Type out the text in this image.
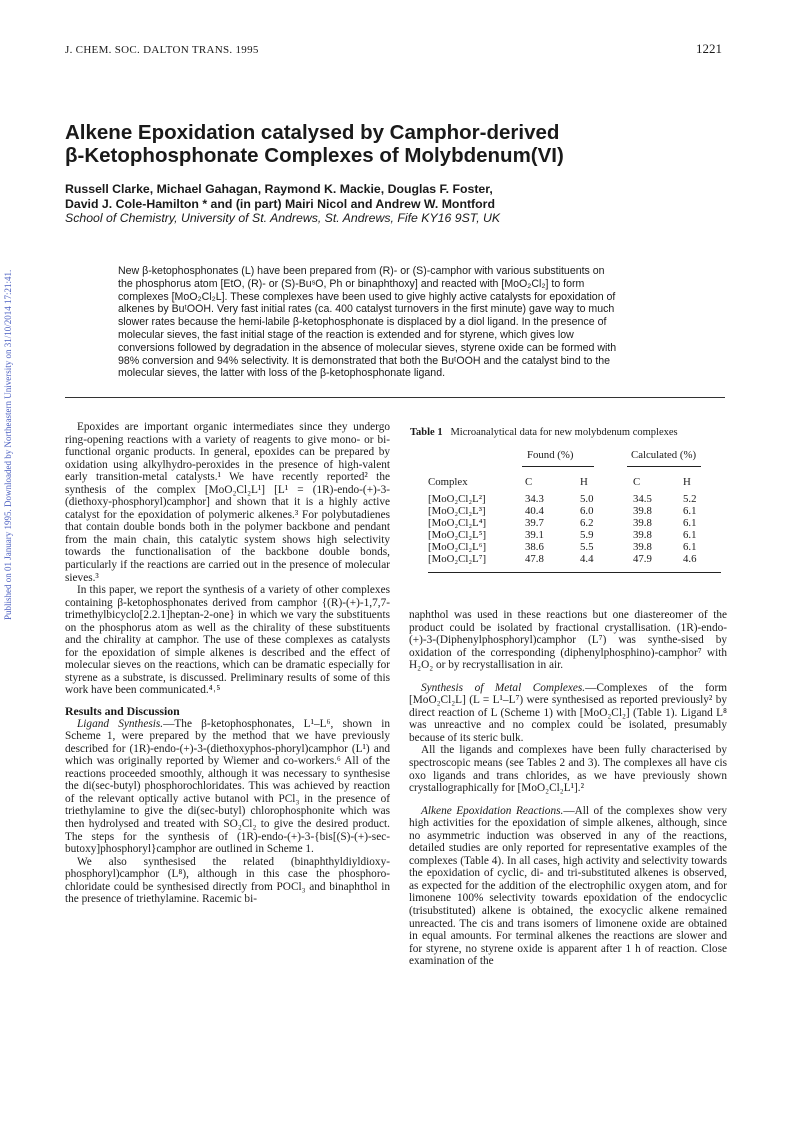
J. CHEM. SOC. DALTON TRANS. 1995	1221
Published on 01 January 1995. Downloaded by Northeastern University on 31/10/2014 17:21:41.
Alkene Epoxidation catalysed by Camphor-derived
β-Ketophosphonate Complexes of Molybdenum(VI)
Russell Clarke, Michael Gahagan, Raymond K. Mackie, Douglas F. Foster,
David J. Cole-Hamilton * and (in part) Mairi Nicol and Andrew W. Montford
School of Chemistry, University of St. Andrews, St. Andrews, Fife KY16 9ST, UK
New β-ketophosphonates (L) have been prepared from (R)- or (S)-camphor with various substituents on
the phosphorus atom [EtO, (R)- or (S)-BuˢO, Ph or binaphthoxy] and reacted with [MoO₂Cl₂] to form
complexes [MoO₂Cl₂L]. These complexes have been used to give highly active catalysts for epoxidation of
alkenes by BuᵗOOH. Very fast initial rates (ca. 400 catalyst turnovers in the first minute) gave way to much
slower rates because the hemi-labile β-ketophosphonate is displaced by a diol ligand. In the presence of
molecular sieves, the fast initial stage of the reaction is extended and for styrene, which gives low
conversions followed by degradation in the absence of molecular sieves, styrene oxide can be formed with
98% conversion and 94% selectivity. It is demonstrated that both the BuᵗOOH and the catalyst bind to the
molecular sieves, the latter with loss of the β-ketophosphonate ligand.

Epoxides are important organic intermediates since they undergo ring-opening reactions with a variety of reagents to give mono- or bi-functional organic products. In general, epoxides can be prepared by oxidation using alkylhydro-peroxides in the presence of high-valent early transition-metal catalysts.¹ We have recently reported² the synthesis of the complex [MoO₂Cl₂L¹] [L¹ = (1R)-endo-(+)-3-(diethoxy-phosphoryl)camphor] and shown that it is a highly active catalyst for the epoxidation of polymeric alkenes.³ For polybutadienes that contain double bonds both in the polymer backbone and pendant from the main chain, this catalytic system shows high selectivity towards the functionalisation of the backbone double bonds, particularly if the reactions are carried out in the presence of molecular sieves.³

In this paper, we report the synthesis of a variety of other complexes containing β-ketophosphonates derived from camphor {(R)-(+)-1,7,7-trimethylbicyclo[2.2.1]heptan-2-one} in which we vary the substituents on the phosphorus atom as well as the chirality of these substituents and the chirality at camphor. The use of these complexes as catalysts for the epoxidation of simple alkenes is described and the effect of molecular sieves on the reactions, which can be dramatic especially for styrene as a substrate, is discussed. Preliminary results of some of this work have been communicated.⁴˒⁵

Results and Discussion

Ligand Synthesis.—The β-ketophosphonates, L¹–L⁶, shown in Scheme 1, were prepared by the method that we have previously described for (1R)-endo-(+)-3-(diethoxyphos-phoryl)camphor (L¹) and which was originally reported by Wiemer and co-workers.⁶ All of the reactions proceeded smoothly, although it was necessary to synthesise the di(sec-butyl) phosphorochloridates. This was achieved by reaction of the relevant optically active butanol with PCl₃ in the presence of triethylamine to give the di(sec-butyl) chlorophosphonite which was then hydrolysed and treated with SO₂Cl₂ to give the desired product. The steps for the synthesis of (1R)-endo-(+)-3-{bis[(S)-(+)-sec-butoxy]phosphoryl}camphor are outlined in Scheme 1.

We also synthesised the related (binaphthyldiyldioxy-phosphoryl)camphor (L⁸), although in this case the phosphoro-chloridate could be synthesised directly from POCl₃ and binaphthol in the presence of triethylamine. Racemic bi-

Table 1 Microanalytical data for new molybdenum complexes
Found (%)	Calculated (%)
Complex	C	H	C	H

[MoO₂Cl₂L²]	34.3	5.0	34.5	5.2
[MoO₂Cl₂L³]	40.4	6.0	39.8	6.1
[MoO₂Cl₂L⁴]	39.7	6.2	39.8	6.1
[MoO₂Cl₂L⁵]	39.1	5.9	39.8	6.1
[MoO₂Cl₂L⁶]	38.6	5.5	39.8	6.1
[MoO₂Cl₂L⁷]	47.8	4.4	47.9	4.6

naphthol was used in these reactions but one diastereomer of the product could be isolated by fractional crystallisation. (1R)-endo-(+)-3-(Diphenylphosphoryl)camphor (L⁷) was synthe-sised by oxidation of the corresponding (diphenylphosphino)-camphor⁷ with H₂O₂ or by recrystallisation in air.

Synthesis of Metal Complexes.—Complexes of the form [MoO₂Cl₂L] (L = L¹–L⁷) were synthesised as reported previously² by direct reaction of L (Scheme 1) with [MoO₂Cl₂] (Table 1). Ligand L⁸ was unreactive and no complex could be isolated, presumably because of its steric bulk.

All the ligands and complexes have been fully characterised by spectroscopic means (see Tables 2 and 3). The complexes all have cis oxo ligands and trans chlorides, as we have previously shown crystallographically for [MoO₂Cl₂L¹].²

Alkene Epoxidation Reactions.—All of the complexes show very high activities for the epoxidation of simple alkenes, although, since no asymmetric induction was observed in any of the reactions, detailed studies are only reported for representative examples of the complexes (Table 4). In all cases, high activity and selectivity towards the epoxidation of cyclic, di- and tri-substituted alkenes is observed, as expected for the addition of the electrophilic oxygen atom, and for limonene 100% selectivity towards epoxidation of the endocyclic (trisubstituted) alkene is obtained, the exocyclic alkene remained unreacted. The cis and trans isomers of limonene oxide are obtained in equal amounts. For terminal alkenes the reactions are slower and for styrene, no styrene oxide is apparent after 1 h of reaction. Close examination of the
